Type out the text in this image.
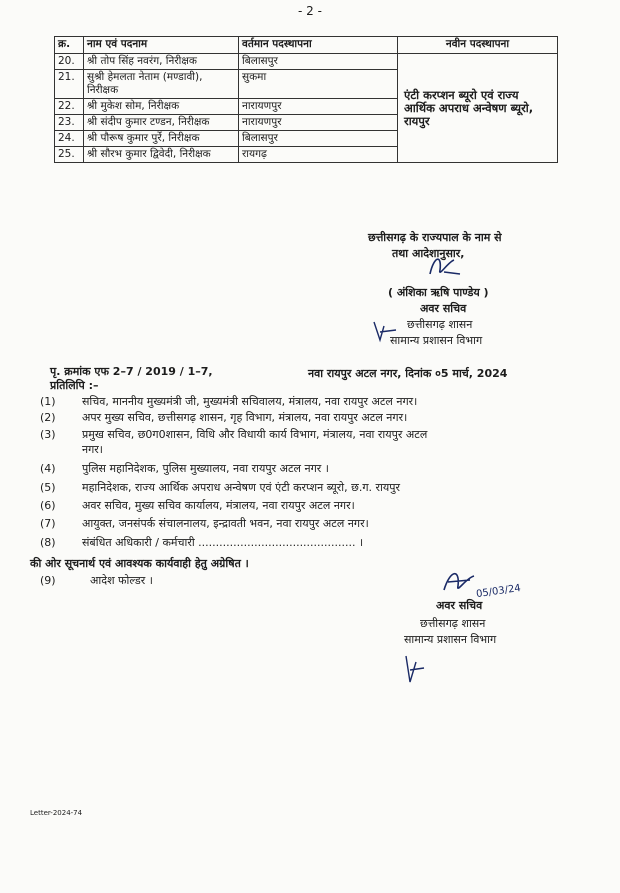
- 2 -
क्र.	नाम एवं पदनाम	वर्तमान पदस्थापना	नवीन पदस्थापना
20.	श्री तोप सिंह नवरंग, निरीक्षक	बिलासपुर	एंटी करप्शन ब्यूरो एवं राज्य आर्थिक अपराध अन्वेषण ब्यूरो, रायपुर
21.	सुश्री हेमलता नेताम (मण्डावी), निरीक्षक	सुकमा	
22.	श्री मुकेश सोम, निरीक्षक	नारायणपुर	
23.	श्री संदीप कुमार टण्डन, निरीक्षक	नारायणपुर	
24.	श्री पौरूष कुमार पुर्रे, निरीक्षक	बिलासपुर	
25.	श्री सौरभ कुमार द्विवेदी, निरीक्षक	रायगढ़	
छत्तीसगढ़ के राज्यपाल के नाम से
तथा आदेशानुसार,
( अंशिका ऋषि पाण्डेय )
अवर सचिव
छत्तीसगढ़ शासन
सामान्य प्रशासन विभाग
पृ. क्रमांक एफ 2–7 / 2019 / 1–7,	नवा रायपुर अटल नगर, दिनांक ०5 मार्च, 2024
प्रतिलिपि :–
(1) सचिव, माननीय मुख्यमंत्री जी, मुख्यमंत्री सचिवालय, मंत्रालय, नवा रायपुर अटल नगर।
(2) अपर मुख्य सचिव, छत्तीसगढ़ शासन, गृह विभाग, मंत्रालय, नवा रायपुर अटल नगर।
(3) प्रमुख सचिव, छ0ग0शासन, विधि और विधायी कार्य विभाग, मंत्रालय, नवा रायपुर अटल
नगर।
(4) पुलिस महानिदेशक, पुलिस मुख्यालय, नवा रायपुर अटल नगर ।
(5) महानिदेशक, राज्य आर्थिक अपराध अन्वेषण एवं एंटी करप्शन ब्यूरो, छ.ग. रायपुर
(6) अवर सचिव, मुख्य सचिव कार्यालय, मंत्रालय, नवा रायपुर अटल नगर।
(7) आयुक्त, जनसंपर्क संचालनालय, इन्द्रावती भवन, नवा रायपुर अटल नगर।
(8) संबंधित अधिकारी / कर्मचारी ............................................. ।
की ओर सूचनार्थ एवं आवश्यक कार्यवाही हेतु अग्रेषित ।
(9)	आदेश फोल्डर ।
05/03/24
अवर सचिव
छत्तीसगढ़ शासन
सामान्य प्रशासन विभाग
Letter-2024-74
